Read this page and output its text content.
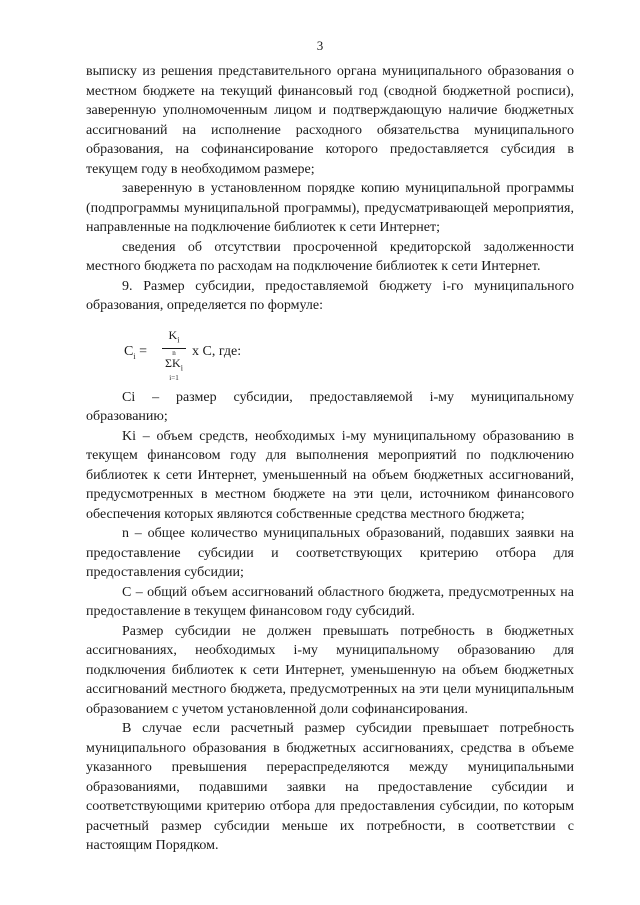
3

выписку из решения представительного органа муниципального образования о местном бюджете на текущий финансовый год (сводной бюджетной росписи), заверенную уполномоченным лицом и подтверждающую наличие бюджетных ассигнований на исполнение расходного обязательства муниципального образования, на софинансирование которого предоставляется субсидия в текущем году в необходимом размере;

заверенную в установленном порядке копию муниципальной программы (подпрограммы муниципальной программы), предусматривающей мероприятия, направленные на подключение библиотек к сети Интернет;

сведения об отсутствии просроченной кредиторской задолженности местного бюджета по расходам на подключение библиотек к сети Интернет.

9. Размер субсидии, предоставляемой бюджету i-го муниципального образования, определяется по формуле:

$C_i$ =
$K_i$
n
$\Sigma K_i$
i=1
x С, где:

Ci – размер субсидии, предоставляемой i-му муниципальному образованию;

Ki – объем средств, необходимых i-му муниципальному образованию в текущем финансовом году для выполнения мероприятий по подключению библиотек к сети Интернет, уменьшенный на объем бюджетных ассигнований, предусмотренных в местном бюджете на эти цели, источником финансового обеспечения которых являются собственные средства местного бюджета;

n – общее количество муниципальных образований, подавших заявки на предоставление субсидии и соответствующих критерию отбора для предоставления субсидии;

С – общий объем ассигнований областного бюджета, предусмотренных на предоставление в текущем финансовом году субсидий.

Размер субсидии не должен превышать потребность в бюджетных ассигнованиях, необходимых i-му муниципальному образованию для подключения библиотек к сети Интернет, уменьшенную на объем бюджетных ассигнований местного бюджета, предусмотренных на эти цели муниципальным образованием с учетом установленной доли софинансирования.

В случае если расчетный размер субсидии превышает потребность муниципального образования в бюджетных ассигнованиях, средства в объеме указанного превышения перераспределяются между муниципальными образованиями, подавшими заявки на предоставление субсидии и соответствующими критерию отбора для предоставления субсидии, по которым расчетный размер субсидии меньше их потребности, в соответствии с настоящим Порядком.
